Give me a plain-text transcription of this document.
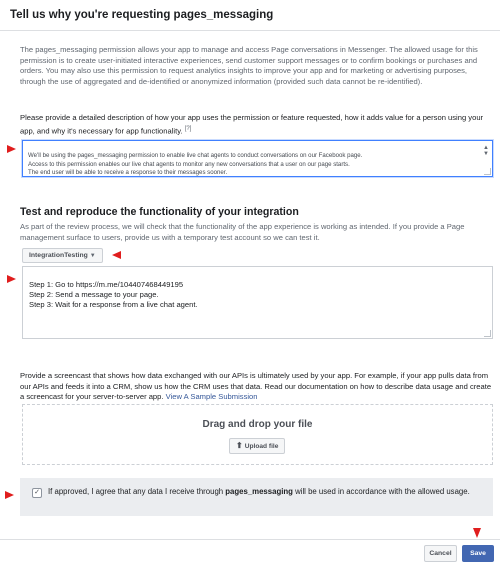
Tell us why you're requesting pages_messaging
The pages_messaging permission allows your app to manage and access Page conversations in Messenger. The allowed usage for this permission is to create user-initiated interactive experiences, send customer support messages or to confirm bookings or purchases and orders. You may also use this permission to request analytics insights to improve your app and for marketing or advertising purposes, through the use of aggregated and de-identified or anonymized information (provided such data cannot be re-identified).
Please provide a detailed description of how your app uses the permission or feature requested, how it adds value for a person using your app, and why it's necessary for app functionality. [?]

We'll be using the pages_messaging permission to enable live chat agents to conduct conversations on our Facebook page.
Access to this permission enables our live chat agents to monitor any new conversations that a user on our page starts.
The end user will be able to receive a response to their messages sooner.

▲
▼

Test and reproduce the functionality of your integration
As part of the review process, we will check that the functionality of the app experience is working as intended. If you provide a Page management surface to users, provide us with a temporary test account so we can test it.
IntegrationTesting ▼

Step 1: Go to https://m.me/104407468449195
Step 2: Send a message to your page.
Step 3: Wait for a response from a live chat agent.

Provide a screencast that shows how data exchanged with our APIs is ultimately used by your app. For example, if your app pulls data from our APIs and feeds it into a CRM, show us how the CRM uses that data. Read our documentation on how to describe data usage and create a screencast for your server-to-server app. View A Sample Submission
Drag and drop your file
⬆ Upload file
✓ If approved, I agree that any data I receive through pages_messaging will be used in accordance with the allowed usage.
Cancel	Save
